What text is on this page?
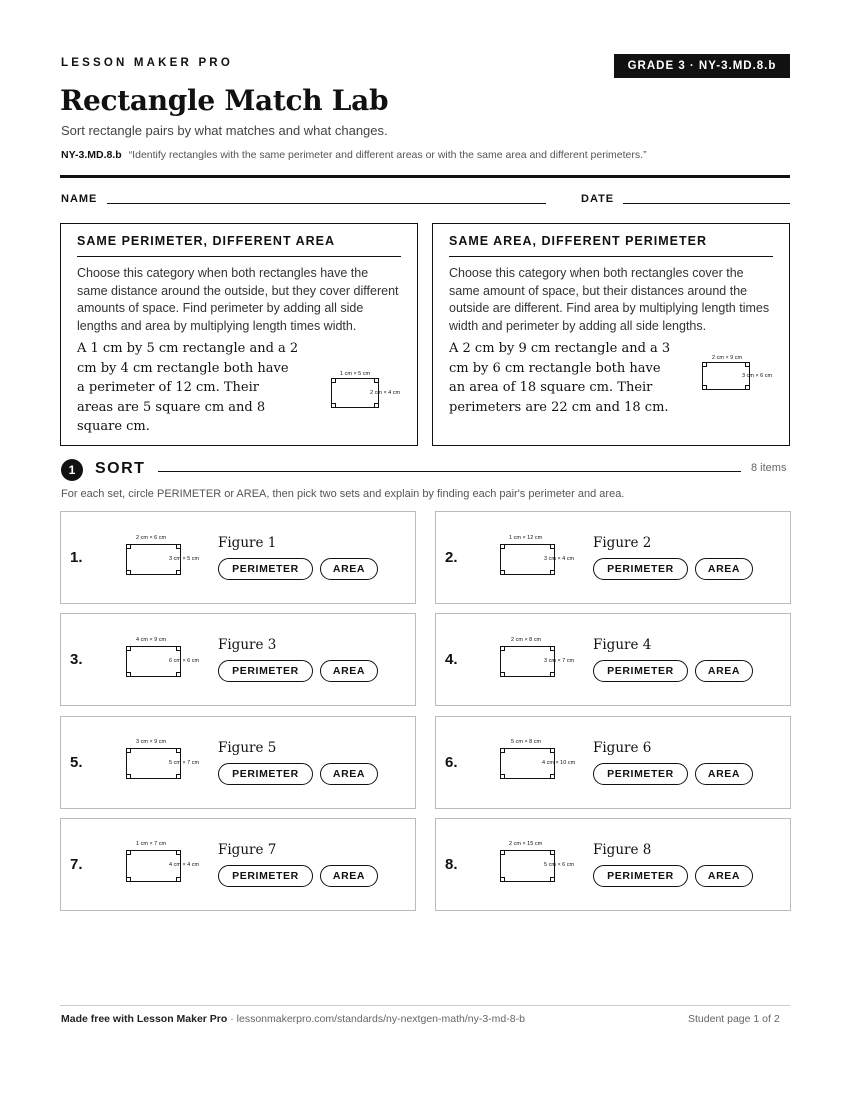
LESSON MAKER PRO	GRADE 3 · NY-3.MD.8.b
Rectangle Match Lab
Sort rectangle pairs by what matches and what changes.
NY-3.MD.8.b “Identify rectangles with the same perimeter and different areas or with the same area and different perimeters.”
NAME	DATE
SAME PERIMETER, DIFFERENT AREA
Choose this category when both rectangles have the same distance around the outside, but they cover different amounts of space. Find perimeter by adding all side lengths and area by multiplying length times width.
A 1 cm by 5 cm rectangle and a 2 cm by 4 cm rectangle both have a perimeter of 12 cm. Their areas are 5 square cm and 8 square cm.
1 cm × 5 cm
2 cm × 4 cm
SAME AREA, DIFFERENT PERIMETER
Choose this category when both rectangles cover the same amount of space, but their distances around the outside are different. Find area by multiplying length times width and perimeter by adding all side lengths.
A 2 cm by 9 cm rectangle and a 3 cm by 6 cm rectangle both have an area of 18 square cm. Their perimeters are 22 cm and 18 cm.
2 cm × 9 cm
3 cm × 6 cm
1	SORT	8 items
For each set, circle PERIMETER or AREA, then pick two sets and explain by finding each pair's perimeter and area.
1.
2 cm × 6 cm
3 cm × 5 cm
Figure 1
PERIMETER	AREA
2.
1 cm × 12 cm
3 cm × 4 cm
Figure 2
PERIMETER	AREA
3.
4 cm × 9 cm
6 cm × 6 cm
Figure 3
PERIMETER	AREA
4.
2 cm × 8 cm
3 cm × 7 cm
Figure 4
PERIMETER	AREA
5.
3 cm × 9 cm
5 cm × 7 cm
Figure 5
PERIMETER	AREA
6.
5 cm × 8 cm
4 cm × 10 cm
Figure 6
PERIMETER	AREA
7.
1 cm × 7 cm
4 cm × 4 cm
Figure 7
PERIMETER	AREA
8.
2 cm × 15 cm
5 cm × 6 cm
Figure 8
PERIMETER	AREA
Made free with Lesson Maker Pro · lessonmakerpro.com/standards/ny-nextgen-math/ny-3-md-8-b	Student page 1 of 2
